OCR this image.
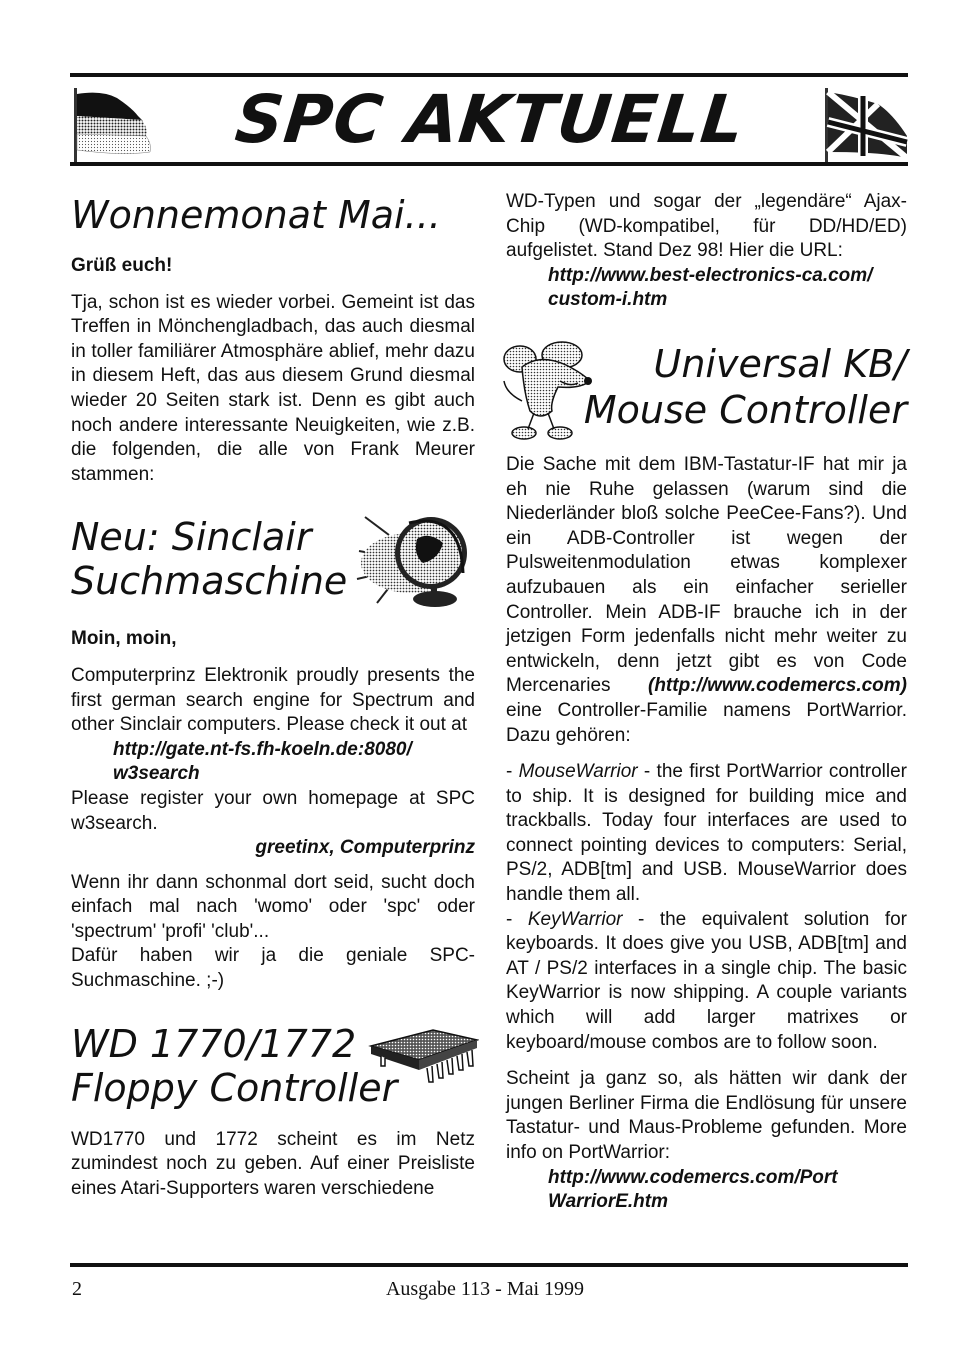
SPC AKTUELL
Wonnemonat Mai...

Grüß euch!

Tja, schon ist es wieder vorbei. Gemeint ist das Treffen in Mönchengladbach, das auch diesmal in toller familiärer Atmosphäre ablief, mehr dazu in diesem Heft, das aus diesem Grund diesmal wieder 20 Seiten stark ist. Denn es gibt auch noch andere interessante Neuigkeiten, wie z.B. die folgenden, die alle von Frank Meurer stammen:

Neu: Sinclair
Suchmaschine

Moin, moin,

Computerprinz Elektronik proudly presents the first german search engine for Spectrum and other Sinclair computers. Please check it out at

http://gate.nt-fs.fh-koeln.de:8080/
w3search

Please register your own homepage at SPC w3search.

greetinx, Computerprinz

Wenn ihr dann schonmal dort seid, sucht doch einfach mal nach 'womo' oder 'spc' oder 'spectrum' 'profi' 'club'...

Dafür haben wir ja die geniale SPC-Suchmaschine. ;-)

WD 1770/1772
Floppy Controller

WD1770 und 1772 scheint es im Netz zumindest noch zu geben. Auf einer Preisliste eines Atari-Supporters waren verschiedene

WD-Typen und sogar der „legendäre“ Ajax-Chip (WD-kompatibel, für DD/HD/ED) aufgelistet. Stand Dez 98! Hier die URL:

http://www.best-electronics-ca.com/
custom-i.htm
Universal KB/
Mouse Controller

Die Sache mit dem IBM-Tastatur-IF hat mir ja eh nie Ruhe gelassen (warum sind die Niederländer bloß solche PeeCee-Fans?). Und ein ADB-Controller ist wegen der Pulsweitenmodulation etwas komplexer aufzubauen als ein einfacher serieller Controller. Mein ADB-IF brauche ich in der jetzigen Form jedenfalls nicht mehr weiter zu entwickeln, denn jetzt gibt es von Code Mercenaries (http://www.codemercs.com) eine Controller-Familie namens PortWarrior. Dazu gehören:

- MouseWarrior - the first PortWarrior controller to ship. It is designed for building mice and trackballs. Today four interfaces are used to connect pointing devices to computers: Serial, PS/2, ADB[tm] and USB. MouseWarrior does handle them all.

- KeyWarrior - the equivalent solution for keyboards. It does give you USB, ADB[tm] and AT / PS/2 interfaces in a single chip. The basic KeyWarrior is now shipping. A couple variants which will add larger matrixes or keyboard/mouse combos are to follow soon.

Scheint ja ganz so, als hätten wir dank der jungen Berliner Firma die Endlösung für unsere Tastatur- und Maus-Probleme gefunden. More info on PortWarrior:

http://www.codemercs.com/Port
WarriorE.htm
2	Ausgabe 113 - Mai 1999
